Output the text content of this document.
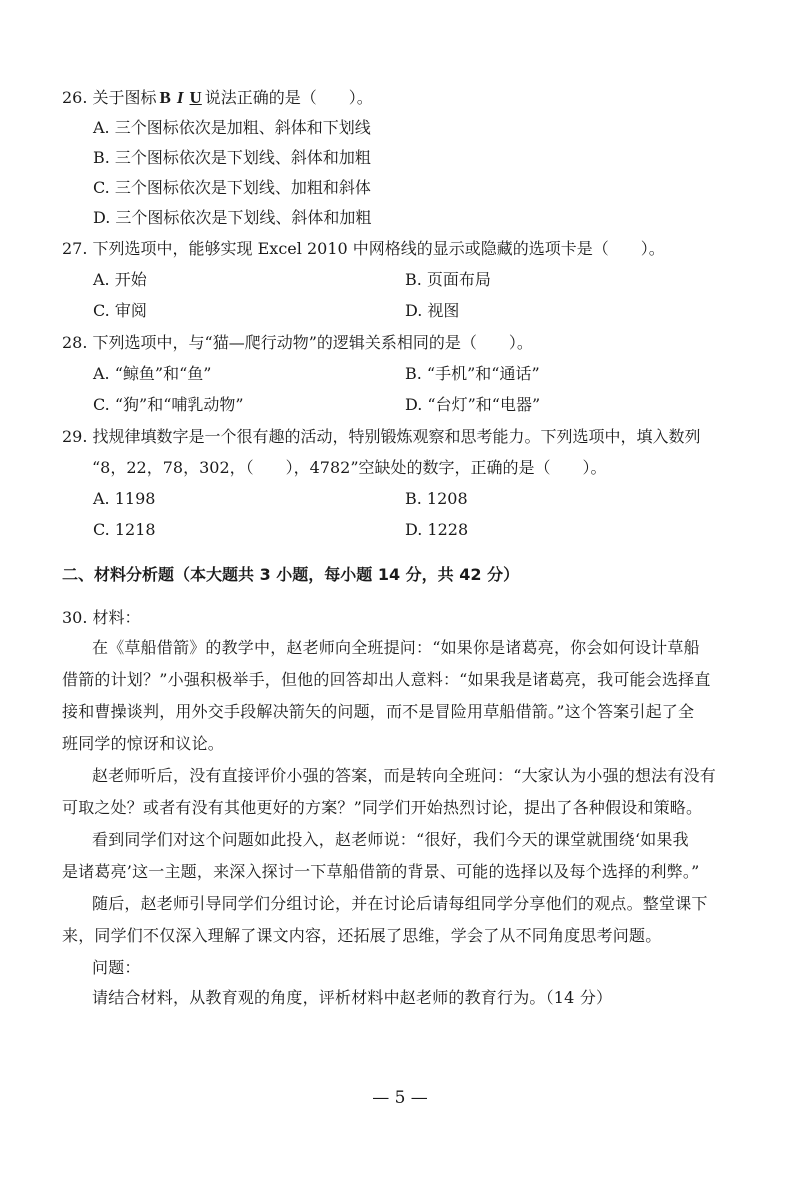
26. 关于图标 B I U 说法正确的是（　　）。
A. 三个图标依次是加粗、斜体和下划线
B. 三个图标依次是下划线、斜体和加粗
C. 三个图标依次是下划线、加粗和斜体
D. 三个图标依次是下划线、斜体和加粗
27. 下列选项中，能够实现 Excel 2010 中网格线的显示或隐藏的选项卡是（　　）。
A. 开始	B. 页面布局
C. 审阅	D. 视图
28. 下列选项中，与“猫—爬行动物”的逻辑关系相同的是（　　）。
A. “鲸鱼”和“鱼”	B. “手机”和“通话”
C. “狗”和“哺乳动物”	D. “台灯”和“电器”
29. 找规律填数字是一个很有趣的活动，特别锻炼观察和思考能力。下列选项中，填入数列
“8，22，78，302，（　　），4782”空缺处的数字，正确的是（　　）。
A. 1198	B. 1208
C. 1218	D. 1228
二、材料分析题（本大题共 3 小题，每小题 14 分，共 42 分）
30. 材料：
在《草船借箭》的教学中，赵老师向全班提问：“如果你是诸葛亮，你会如何设计草船
借箭的计划？”小强积极举手，但他的回答却出人意料：“如果我是诸葛亮，我可能会选择直
接和曹操谈判，用外交手段解决箭矢的问题，而不是冒险用草船借箭。”这个答案引起了全
班同学的惊讶和议论。
赵老师听后，没有直接评价小强的答案，而是转向全班问：“大家认为小强的想法有没有
可取之处？或者有没有其他更好的方案？”同学们开始热烈讨论，提出了各种假设和策略。
看到同学们对这个问题如此投入，赵老师说：“很好，我们今天的课堂就围绕‘如果我
是诸葛亮’这一主题，来深入探讨一下草船借箭的背景、可能的选择以及每个选择的利弊。”
随后，赵老师引导同学们分组讨论，并在讨论后请每组同学分享他们的观点。整堂课下
来，同学们不仅深入理解了课文内容，还拓展了思维，学会了从不同角度思考问题。
问题：
请结合材料，从教育观的角度，评析材料中赵老师的教育行为。（14 分）
— 5 —
